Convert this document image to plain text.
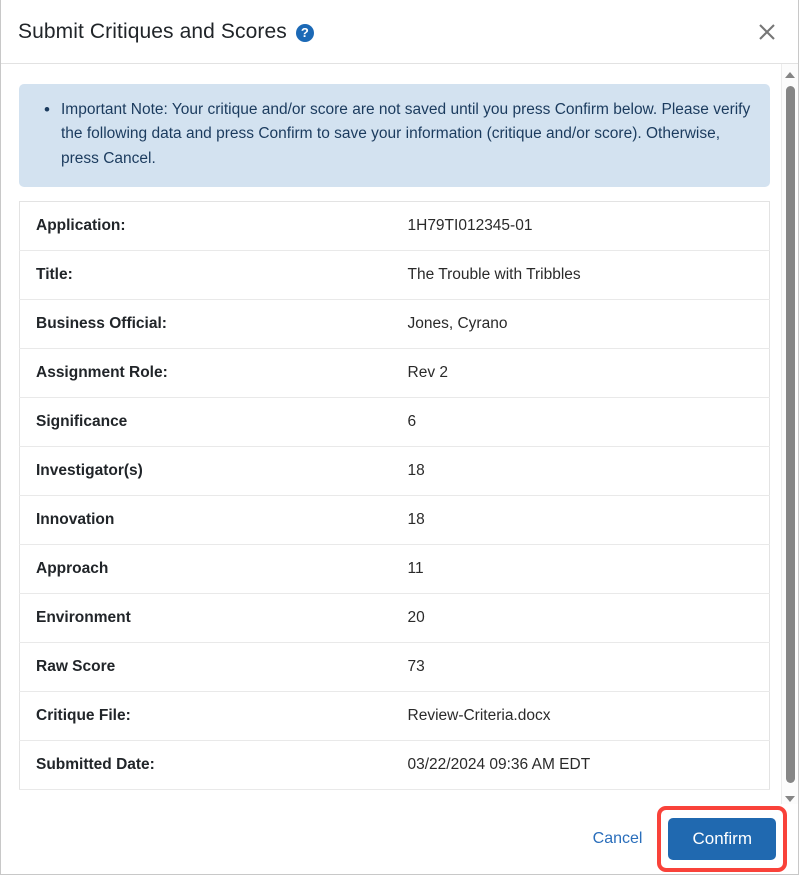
Submit Critiques and Scores	?
• Important Note: Your critique and/or score are not saved until you press Confirm below. Please verify the following data and press Confirm to save your information (critique and/or score). Otherwise, press Cancel.
Application:	1H79TI012345-01
Title:	The Trouble with Tribbles
Business Official:	Jones, Cyrano
Assignment Role:	Rev 2
Significance	6
Investigator(s)	18
Innovation	18
Approach	11
Environment	20
Raw Score	73
Critique File:	Review-Criteria.docx
Submitted Date:	03/22/2024 09:36 AM EDT
Cancel	Confirm
